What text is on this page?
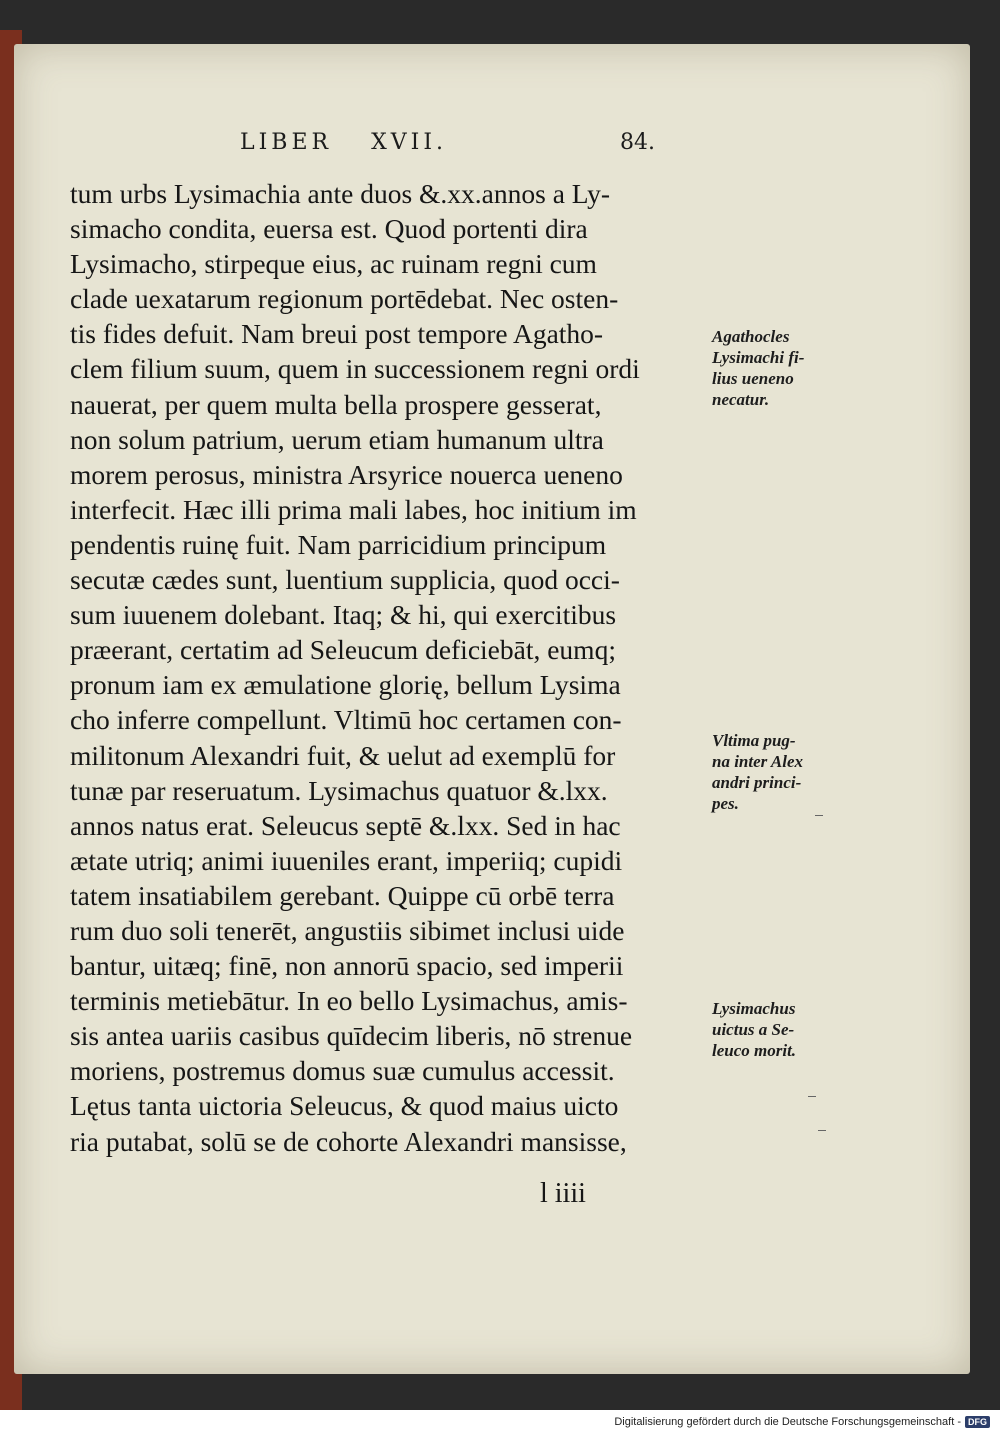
LIBER XVII.	84.
tum urbs Lysimachia ante duos &.xx.annos a Ly-
simacho condita, euersa est. Quod portenti dira
Lysimacho, stirpeque eius, ac ruinam regni cum
clade uexatarum regionum portēdebat. Nec osten-
tis fides defuit. Nam breui post tempore Agatho-
clem filium suum, quem in successionem regni ordi
nauerat, per quem multa bella prospere gesserat,
non solum patrium, uerum etiam humanum ultra
morem perosus, ministra Arsyrice nouerca ueneno
interfecit. Hæc illi prima mali labes, hoc initium im
pendentis ruinę fuit. Nam parricidium principum
secutæ cædes sunt, luentium supplicia, quod occi-
sum iuuenem dolebant. Itaq; & hi, qui exercitibus
præerant, certatim ad Seleucum deficiebāt, eumq;
pronum iam ex æmulatione glorię, bellum Lysima
cho inferre compellunt. Vltimū hoc certamen con-
militonum Alexandri fuit, & uelut ad exemplū for
tunæ par reseruatum. Lysimachus quatuor &.lxx.
annos natus erat. Seleucus septē &.lxx. Sed in hac
ætate utriq; animi iuueniles erant, imperiiq; cupidi
tatem insatiabilem gerebant. Quippe cū orbē terra
rum duo soli tenerēt, angustiis sibimet inclusi uide
bantur, uitæq; finē, non annorū spacio, sed imperii
terminis metiebātur. In eo bello Lysimachus, amis-
sis antea uariis casibus quīdecim liberis, nō strenue
moriens, postremus domus suæ cumulus accessit.
Lętus tanta uictoria Seleucus, & quod maius uicto
ria putabat, solū se de cohorte Alexandri mansisse,
l iiii
Agathocles
Lysimachi fi-
lius ueneno
necatur.
Vltima pug-
na inter Alex
andri princi-
pes.
Lysimachus
uictus a Se-
leuco morit.
Digitalisierung gefördert durch die Deutsche Forschungsgemeinschaft - DFG
